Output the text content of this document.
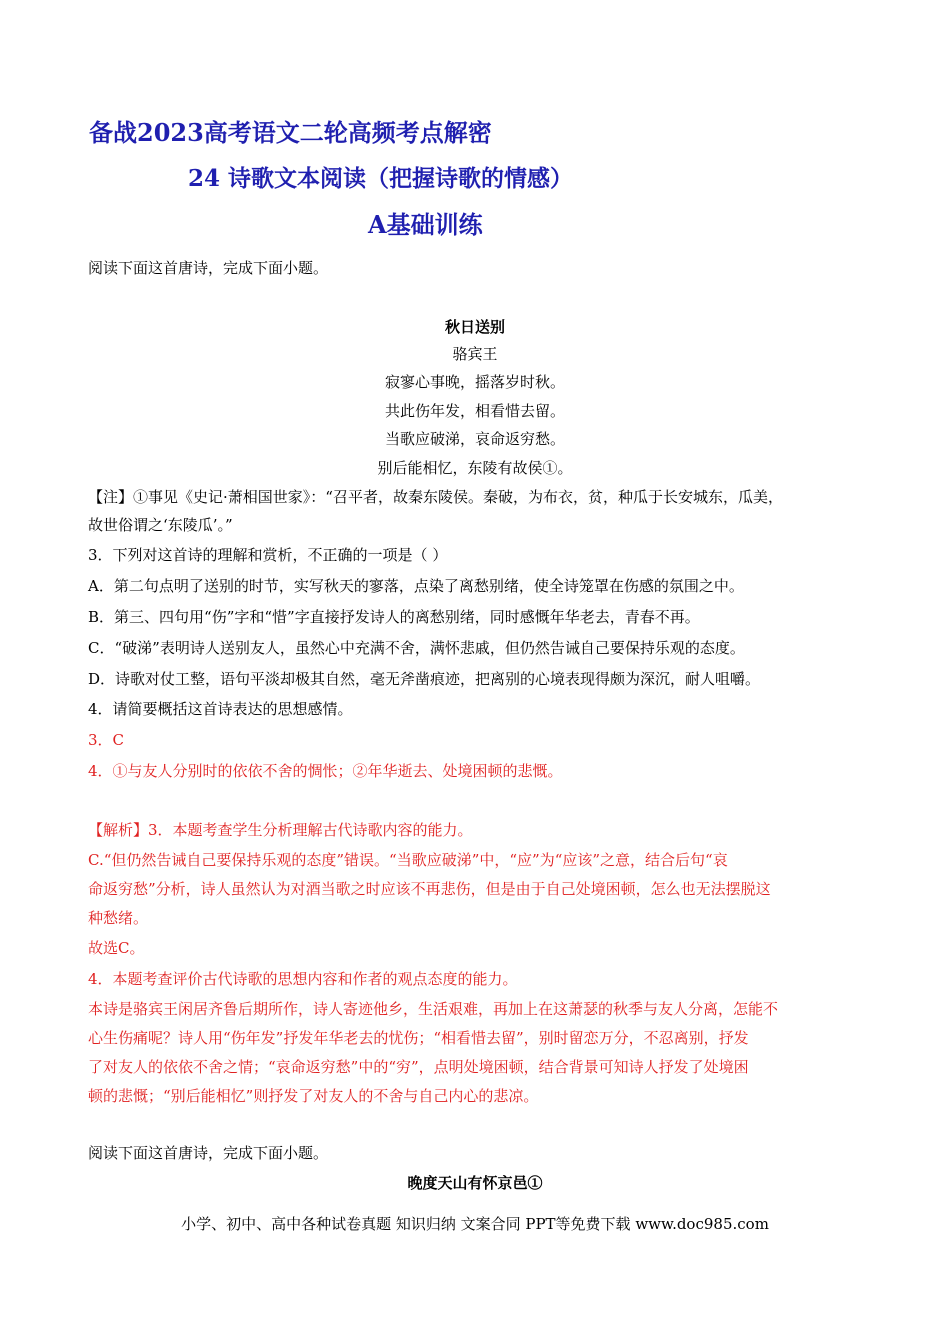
备战2023高考语文二轮高频考点解密
24 诗歌文本阅读（把握诗歌的情感）
A基础训练
阅读下面这首唐诗，完成下面小题。
秋日送别
骆宾王
寂寥心事晚，摇落岁时秋。
共此伤年发，相看惜去留。
当歌应破涕，哀命返穷愁。
别后能相忆，东陵有故侯①。
【注】①事见《史记·萧相国世家》：“召平者，故秦东陵侯。秦破，为布衣，贫，种瓜于长安城东，瓜美，
故世俗谓之‘东陵瓜’。”
3．下列对这首诗的理解和赏析，不正确的一项是（ ）
A．第二句点明了送别的时节，实写秋天的寥落，点染了离愁别绪，使全诗笼罩在伤感的氛围之中。
B．第三、四句用“伤”字和“惜”字直接抒发诗人的离愁别绪，同时感慨年华老去，青春不再。
C．“破涕”表明诗人送别友人，虽然心中充满不舍，满怀悲戚，但仍然告诫自己要保持乐观的态度。
D．诗歌对仗工整，语句平淡却极其自然，毫无斧凿痕迹，把离别的心境表现得颇为深沉，耐人咀嚼。
4．请简要概括这首诗表达的思想感情。
3．C
4．①与友人分别时的依依不舍的惆怅；②年华逝去、处境困顿的悲慨。
【解析】3．本题考查学生分析理解古代诗歌内容的能力。
C.“但仍然告诫自己要保持乐观的态度”错误。“当歌应破涕”中，“应”为“应该”之意，结合后句“哀
命返穷愁”分析，诗人虽然认为对酒当歌之时应该不再悲伤，但是由于自己处境困顿，怎么也无法摆脱这
种愁绪。
故选C。
4．本题考查评价古代诗歌的思想内容和作者的观点态度的能力。
本诗是骆宾王闲居齐鲁后期所作，诗人寄迹他乡，生活艰难，再加上在这萧瑟的秋季与友人分离，怎能不
心生伤痛呢？诗人用“伤年发”抒发年华老去的忧伤；“相看惜去留”，别时留恋万分，不忍离别，抒发
了对友人的依依不舍之情；“哀命返穷愁”中的“穷”，点明处境困顿，结合背景可知诗人抒发了处境困
顿的悲慨；“别后能相忆”则抒发了对友人的不舍与自己内心的悲凉。
阅读下面这首唐诗，完成下面小题。
晚度天山有怀京邑①
小学、初中、高中各种试卷真题 知识归纳 文案合同 PPT等免费下载 www.doc985.com
